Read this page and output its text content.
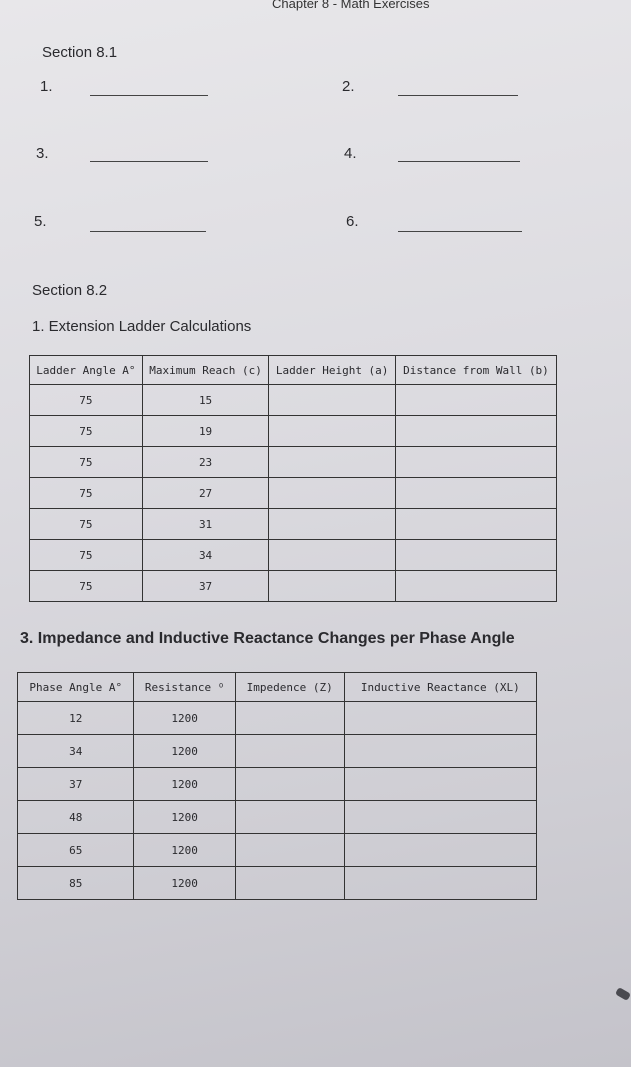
Chapter 8 - Math Exercises
Section 8.1
1.	2.
3.	4.
5.	6.
Section 8.2
1. Extension Ladder Calculations
Ladder Angle A°	Maximum Reach (c)	Ladder Height (a)	Distance from Wall (b)
75	15		
75	19		
75	23		
75	27		
75	31		
75	34		
75	37		
3. Impedance and Inductive Reactance Changes per Phase Angle
Phase Angle A°	Resistance ᴼ	Impedence (Z)	Inductive Reactance (XL)
12	1200		
34	1200		
37	1200		
48	1200		
65	1200		
85	1200		
